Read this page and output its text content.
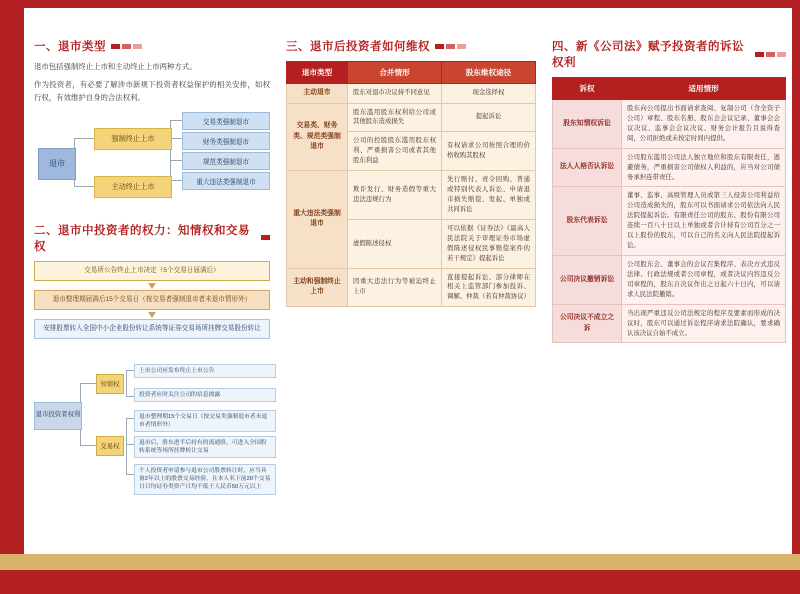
一、退市类型

退市包括强制终止上市和主动终止上市两种方式。

作为投资者，有必要了解涉市新规下投资者权益保护的相关安排，如权行权，有效维护自身的合法权利。

退市
强制终止上市
主动终止上市
交易类强制退市
财务类强制退市
规范类强制退市
重大违法类强制退市
二、退市中投资者的权力：知情权和交易权
交易所公告终止上市决定（5个交易日届满后）
退市整理期届满后15个交易日（按交易者强制退市者未退市情形外）
安排股票转入全国中小企业股份转让系统等证券交易场所挂牌交易股份转让
退市投资者权利
知情权
交易权
上市公司应发布终止上市公告
投资者应时关注公司的信息披露
退市整理期15个交易日（按交易类强制退市者未退市者情形外）
退市后，股东进半后持有的流通股，可进入全国股转系统等场所挂牌转让交易
个人投资者申请参与退市公司股票转让时，应当具备2年以上的股票交易经验，且本人名下前20个交易日日均证券类资产日均不低于人民币50万元以上
三、退市后投资者如何维权
退市类型	合并情形	股东维权途径
主动退市	股东对退市决议持不同意见	现金选择权
交易类、财务类、规范类强制退市	股东滥用股东权利给公司或其他股东造成损失	提起诉讼
	公司的控股股东滥用股东权利、严重损害公司或者其他股东利益	有权请求公司按照合理的价格收购其股权
重大违法类强制退市	欺诈发行、财务造假等重大违法违规行为	先行赔付、责令回购、普通或特别代表人诉讼、申请退市损失赔偿、发起、单独或共同诉讼
	虚假陈述侵权	可以依据《证券法》《最高人民法院关于审理证券市场虚假陈述侵权民事赔偿案件的若干规定》提起诉讼
主动和强制终止上市	因重大违法行为等被迫终止上市	直接提起诉讼、部分律师在相关上监管部门参加投诉、调解、仲裁（若有仲裁协议）
四、新《公司法》赋予投资者的诉讼权利
诉权	适用情形
股东知情权诉讼	股东向公司提出书面请求查阅、复制公司（含全资子公司）章程、股东名册、股东会会议记录、董事会会议决议、监事会会议决议、财务会计报告且说得查阅，公司拒绝或未按定时间内提供。
法人人格否认诉讼	公司股东滥用公司法人独立地位和股东有限责任，逃避债务，严重损害公司债权人利益的，应当对公司债务承担连带责任。
股东代表诉讼	董事、监事、高级管理人员或第三人侵害公司利益给公司造成损失的，股东可以书面请求公司依法向人民法院提起诉讼。有限责任公司的股东、股份有限公司连续一百八十日以上单独或者合计持有公司百分之一以上股份的股东，可以自己的名义向人民法院提起诉讼。
公司决议撤销诉讼	公司股东会、董事会的会议召集程序、表决方式违反法律、行政法规或者公司章程，或者决议内容违反公司章程的，股东自决议作出之日起六十日内，可以请求人民法院撤销。
公司决议不成立之诉	当出现严重违反公司法规定的程序及要素而形成的决议时，股东可以通过诉讼程序请求法院确认，要求确认该决议自始不成立。
